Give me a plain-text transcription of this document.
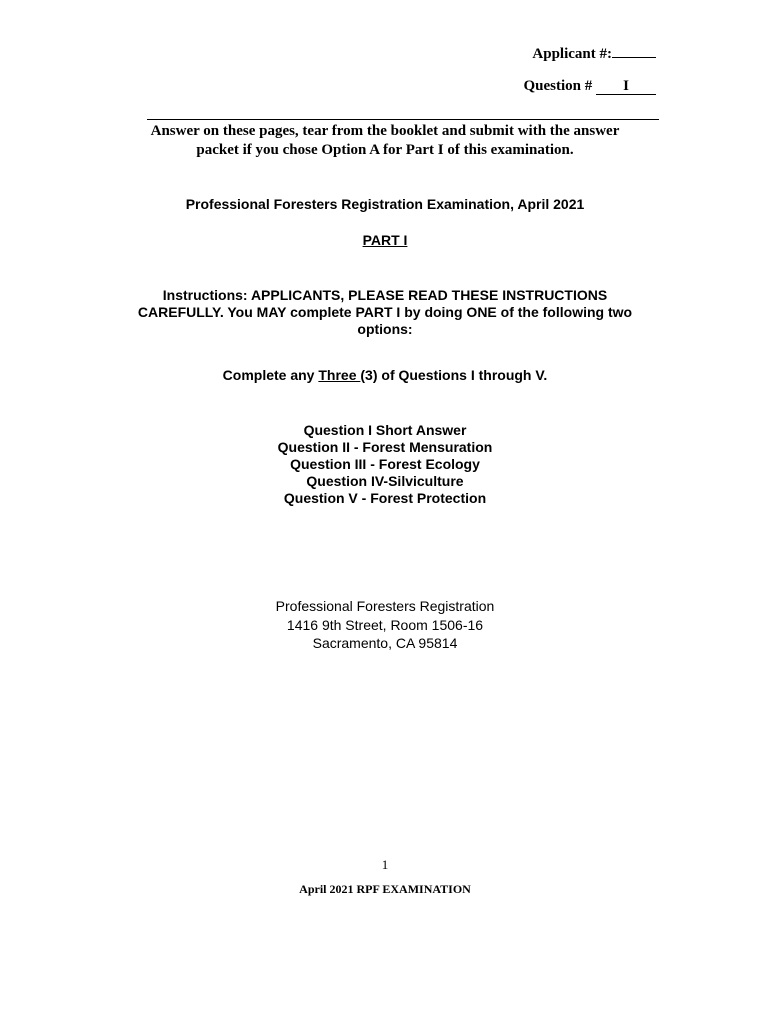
Applicant #:
Question # I

Answer on these pages, tear from the booklet and submit with the answer

packet if you chose Option A for Part I of this examination.

Professional Foresters Registration Examination, April 2021
PART I

Instructions: APPLICANTS, PLEASE READ THESE INSTRUCTIONS

CAREFULLY. You MAY complete PART I by doing ONE of the following two

options:

Complete any Three (3) of Questions I through V.

Question I Short Answer

Question II - Forest Mensuration

Question III - Forest Ecology

Question IV-Silviculture

Question V - Forest Protection

Professional Foresters Registration

1416 9th Street, Room 1506-16

Sacramento, CA 95814

1
April 2021 RPF EXAMINATION
